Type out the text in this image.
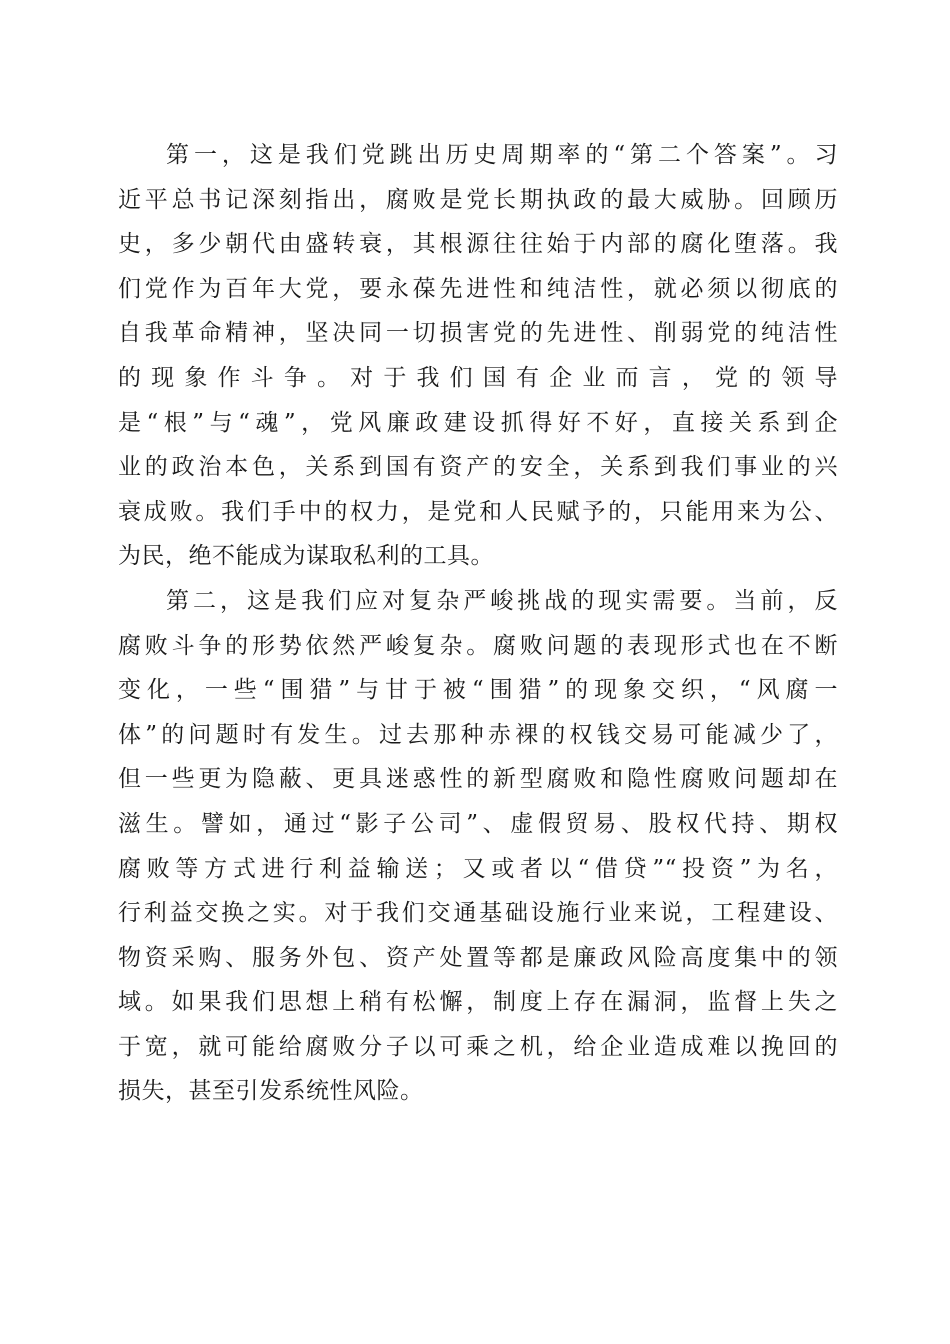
第一，这是我们党跳出历史周期率的“第二个答案”。习
近平总书记深刻指出，腐败是党长期执政的最大威胁。回顾历
史，多少朝代由盛转衰，其根源往往始于内部的腐化堕落。我
们党作为百年大党，要永葆先进性和纯洁性，就必须以彻底的
自我革命精神，坚决同一切损害党的先进性、削弱党的纯洁性
的现象作斗争。对于我们国有企业而言，党的领导
是“根”与“魂”，党风廉政建设抓得好不好，直接关系到企
业的政治本色，关系到国有资产的安全，关系到我们事业的兴
衰成败。我们手中的权力，是党和人民赋予的，只能用来为公、
为民，绝不能成为谋取私利的工具。
第二，这是我们应对复杂严峻挑战的现实需要。当前，反
腐败斗争的形势依然严峻复杂。腐败问题的表现形式也在不断
变化，一些“围猎”与甘于被“围猎”的现象交织，“风腐一
体”的问题时有发生。过去那种赤裸的权钱交易可能减少了，
但一些更为隐蔽、更具迷惑性的新型腐败和隐性腐败问题却在
滋生。譬如，通过“影子公司”、虚假贸易、股权代持、期权
腐败等方式进行利益输送；又或者以“借贷”“投资”为名，
行利益交换之实。对于我们交通基础设施行业来说，工程建设、
物资采购、服务外包、资产处置等都是廉政风险高度集中的领
域。如果我们思想上稍有松懈，制度上存在漏洞，监督上失之
于宽，就可能给腐败分子以可乘之机，给企业造成难以挽回的
损失，甚至引发系统性风险。
